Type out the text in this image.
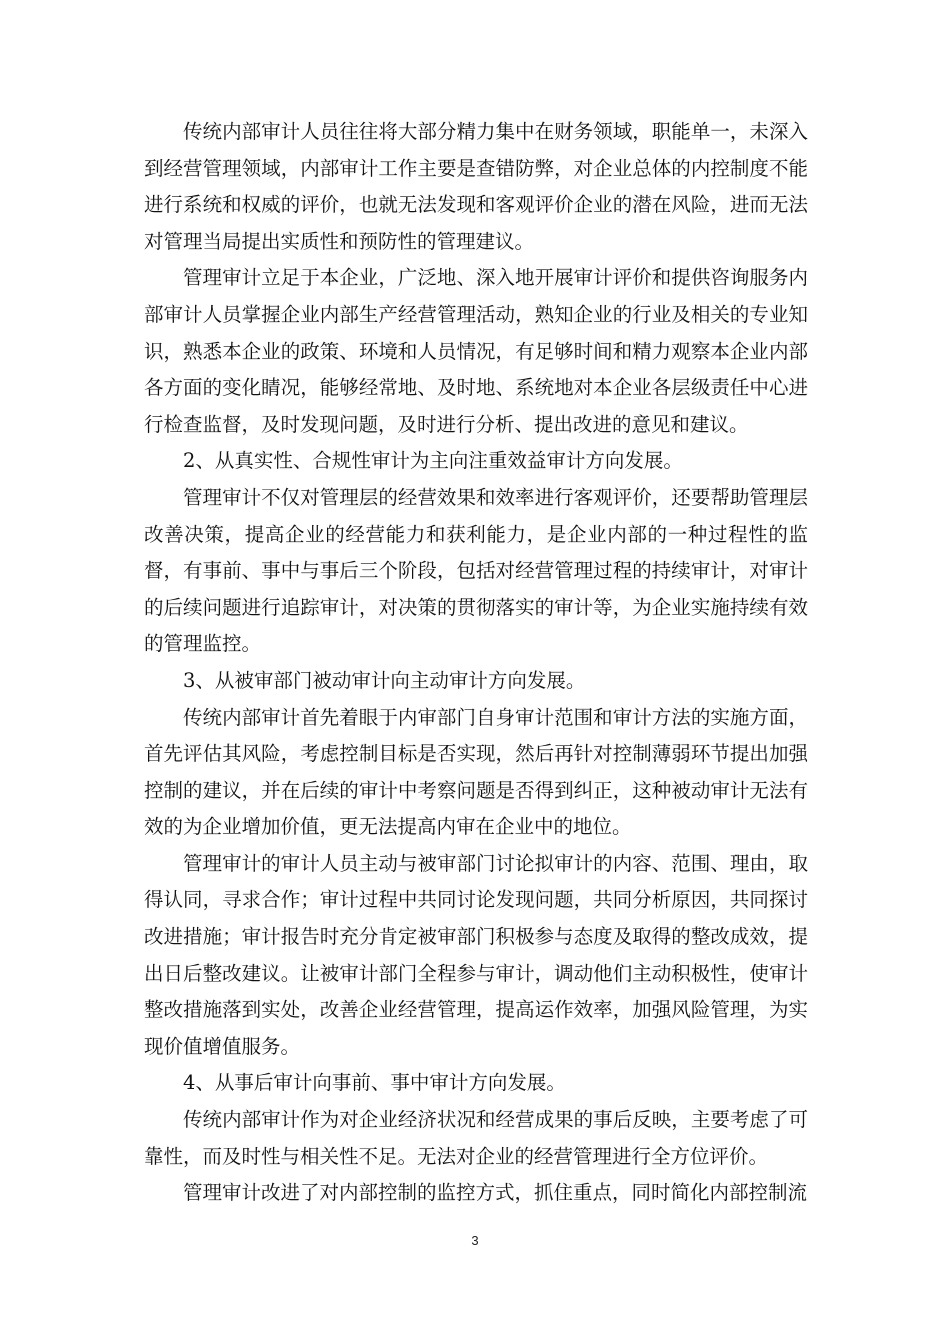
传统内部审计人员往往将大部分精力集中在财务领域，职能单一，未深入到经营管理领域，内部审计工作主要是查错防弊，对企业总体的内控制度不能进行系统和权威的评价，也就无法发现和客观评价企业的潜在风险，进而无法对管理当局提出实质性和预防性的管理建议。

管理审计立足于本企业，广泛地、深入地开展审计评价和提供咨询服务内部审计人员掌握企业内部生产经营管理活动，熟知企业的行业及相关的专业知识，熟悉本企业的政策、环境和人员情况，有足够时间和精力观察本企业内部各方面的变化睛况，能够经常地、及时地、系统地对本企业各层级责任中心进行检查监督，及时发现问题，及时进行分析、提出改进的意见和建议。

2、从真实性、合规性审计为主向注重效益审计方向发展。

管理审计不仅对管理层的经营效果和效率进行客观评价，还要帮助管理层改善决策，提高企业的经营能力和获利能力，是企业内部的一种过程性的监督，有事前、事中与事后三个阶段，包括对经营管理过程的持续审计，对审计的后续问题进行追踪审计，对决策的贯彻落实的审计等，为企业实施持续有效的管理监控。

3、从被审部门被动审计向主动审计方向发展。

传统内部审计首先着眼于内审部门自身审计范围和审计方法的实施方面，首先评估其风险，考虑控制目标是否实现，然后再针对控制薄弱环节提出加强控制的建议，并在后续的审计中考察问题是否得到纠正，这种被动审计无法有效的为企业增加价值，更无法提高内审在企业中的地位。

管理审计的审计人员主动与被审部门讨论拟审计的内容、范围、理由，取得认同，寻求合作；审计过程中共同讨论发现问题，共同分析原因，共同探讨改进措施；审计报告时充分肯定被审部门积极参与态度及取得的整改成效，提出日后整改建议。让被审计部门全程参与审计，调动他们主动积极性，使审计整改措施落到实处，改善企业经营管理，提高运作效率，加强风险管理，为实现价值增值服务。

4、从事后审计向事前、事中审计方向发展。

传统内部审计作为对企业经济状况和经营成果的事后反映，主要考虑了可靠性，而及时性与相关性不足。无法对企业的经营管理进行全方位评价。

管理审计改进了对内部控制的监控方式，抓住重点，同时简化内部控制流

3
